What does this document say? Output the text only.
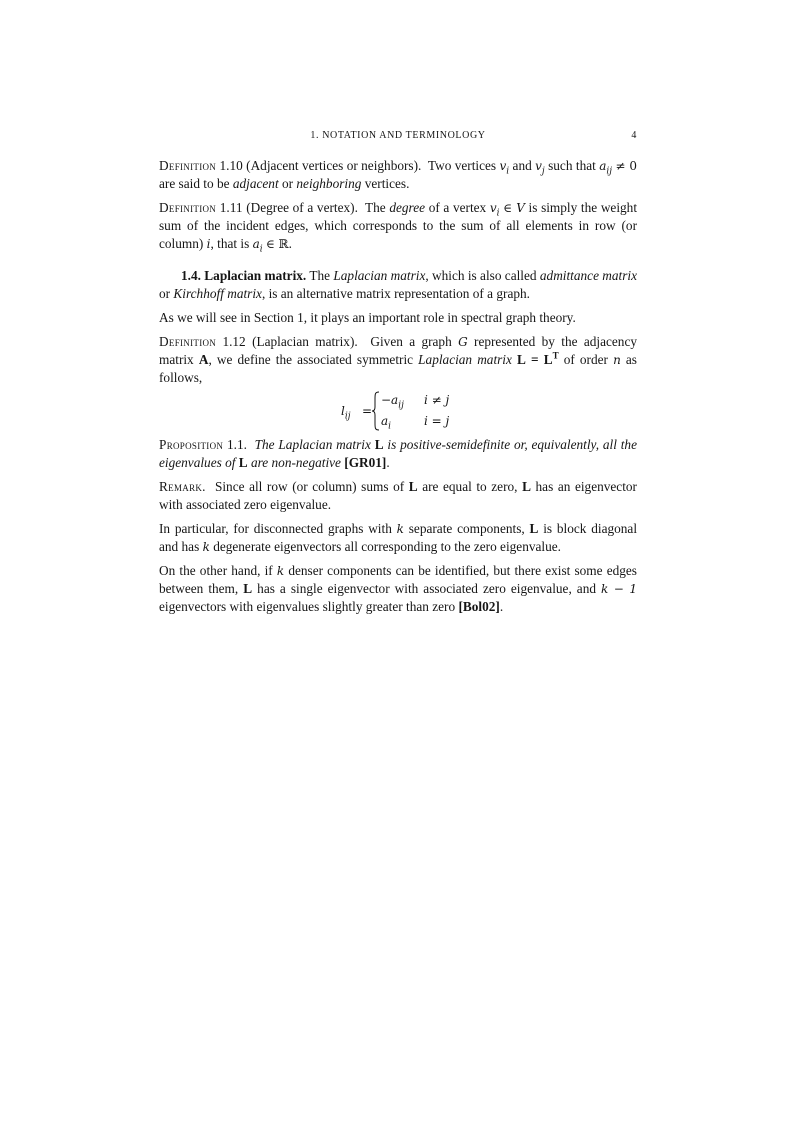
1. NOTATION AND TERMINOLOGY	4

Definition 1.10 (Adjacent vertices or neighbors). Two vertices $v_i$ and $v_j$ such that $a_{ij} \ne 0$ are said to be adjacent or neighboring vertices.

Definition 1.11 (Degree of a vertex). The degree of a vertex $v_i$ ∈ V is simply the weight sum of the incident edges, which corresponds to the sum of all elements in row (or column) i, that is $a_i$ ∈ ℝ.

1.4. Laplacian matrix. The Laplacian matrix, which is also called admittance matrix or Kirchhoff matrix, is an alternative matrix representation of a graph.

As we will see in Section 1, it plays an important role in spectral graph theory.

Definition 1.12 (Laplacian matrix). Given a graph G represented by the adjacency matrix A, we define the associated symmetric Laplacian matrix $L = L^T$ of order n as follows,

$l_{ij}$ =
$-a_{ij}$ i ≠ j
$a_i$	i = j

Proposition 1.1. The Laplacian matrix L is positive-semidefinite or, equivalently, all the eigenvalues of L are non-negative [GR01].

Remark. Since all row (or column) sums of L are equal to zero, L has an eigenvector with associated zero eigenvalue.

In particular, for disconnected graphs with k separate components, L is block diagonal and has k degenerate eigenvectors all corresponding to the zero eigenvalue.

On the other hand, if k denser components can be identified, but there exist some edges between them, L has a single eigenvector with associated zero eigenvalue, and k − 1 eigenvectors with eigenvalues slightly greater than zero [Bol02].
